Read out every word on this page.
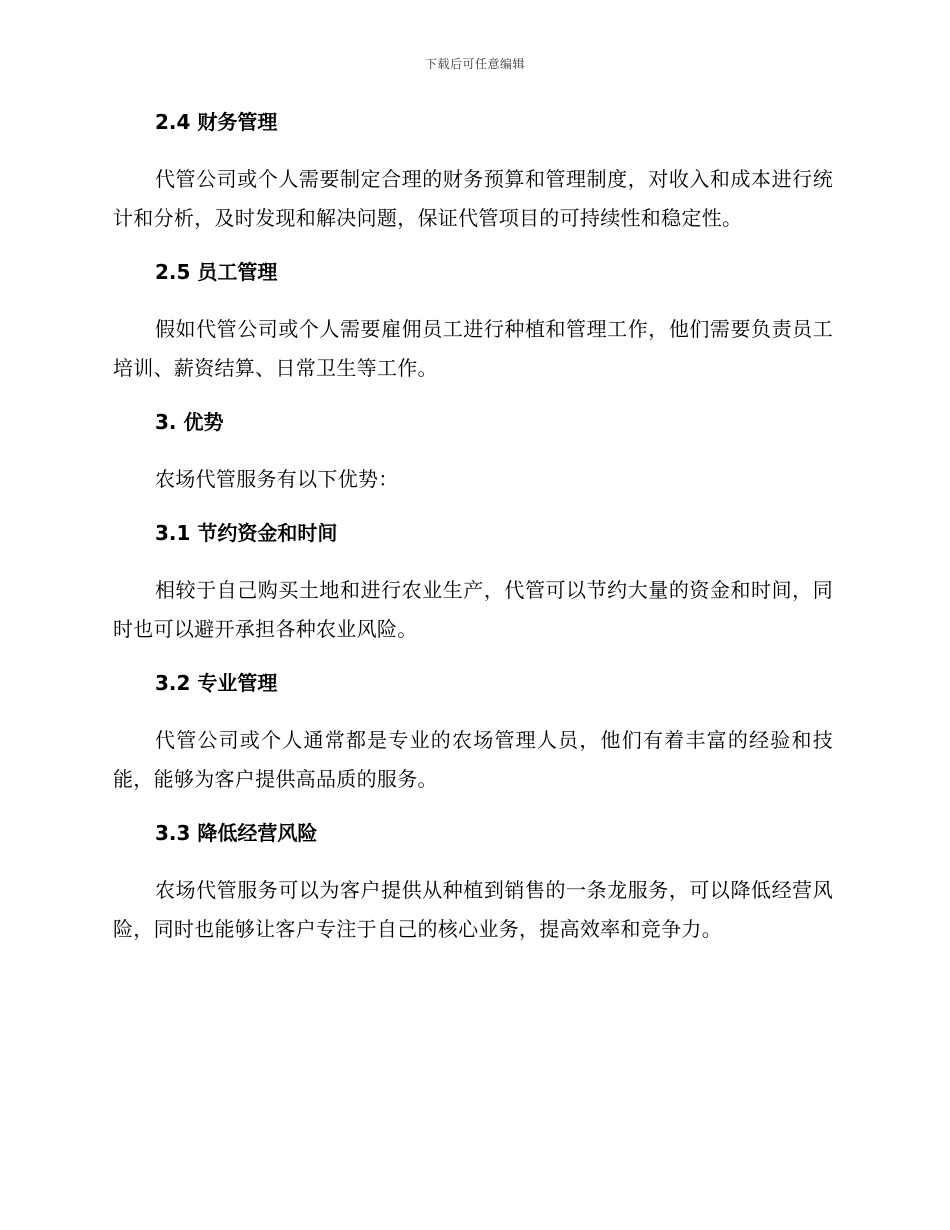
下载后可任意编辑
2.4 财务管理

代管公司或个人需要制定合理的财务预算和管理制度，对收入和成本进行统计和分析，及时发现和解决问题，保证代管项目的可持续性和稳定性。

2.5 员工管理

假如代管公司或个人需要雇佣员工进行种植和管理工作，他们需要负责员工培训、薪资结算、日常卫生等工作。

3. 优势

农场代管服务有以下优势：

3.1 节约资金和时间

相较于自己购买土地和进行农业生产，代管可以节约大量的资金和时间，同时也可以避开承担各种农业风险。

3.2 专业管理

代管公司或个人通常都是专业的农场管理人员，他们有着丰富的经验和技能，能够为客户提供高品质的服务。

3.3 降低经营风险

农场代管服务可以为客户提供从种植到销售的一条龙服务，可以降低经营风险，同时也能够让客户专注于自己的核心业务，提高效率和竞争力。
